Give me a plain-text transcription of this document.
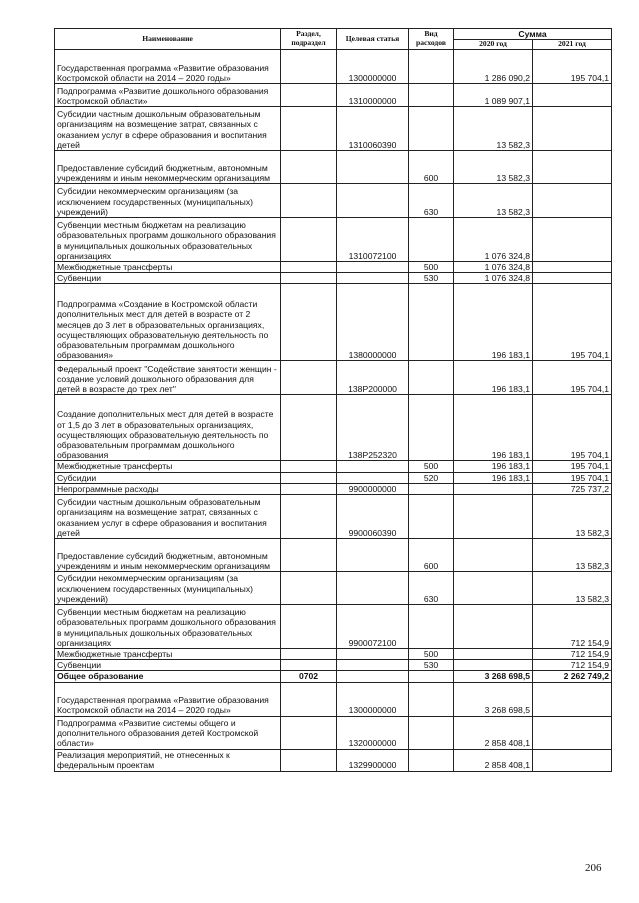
Наименование	Раздел, подраздел	Целевая статья	Вид расходов	Сумма	
				2020 год	2021 год
Государственная программа «Развитие образования Костромской области на 2014 – 2020 годы»		1300000000		1 286 090,2	195 704,1
Подпрограмма «Развитие дошкольного образования Костромской области»		1310000000		1 089 907,1	
Субсидии частным дошкольным образовательным организациям на возмещение затрат, связанных с оказанием услуг в сфере образования и воспитания детей		1310060390		13 582,3	
Предоставление субсидий бюджетным, автономным учреждениям и иным некоммерческим организациям			600	13 582,3	
Субсидии некоммерческим организациям (за исключением государственных (муниципальных) учреждений)			630	13 582,3	
Субвенции местным бюджетам на реализацию образовательных программ дошкольного образования в муниципальных дошкольных образовательных организациях		1310072100		1 076 324,8	
Межбюджетные трансферты			500	1 076 324,8	
Субвенции			530	1 076 324,8	
Подпрограмма «Создание в Костромской области дополнительных мест для детей в возрасте от 2 месяцев до 3 лет в образовательных организациях, осуществляющих образовательную деятельность по образовательным программам дошкольного образования»		1380000000		196 183,1	195 704,1
Федеральный проект "Содействие занятости женщин - создание условий дошкольного образования для детей в возрасте до трех лет"		138P200000		196 183,1	195 704,1
Создание дополнительных мест для детей в возрасте от 1,5 до 3 лет в образовательных организациях, осуществляющих образовательную деятельность по образовательным программам дошкольного образования		138P252320		196 183,1	195 704,1
Межбюджетные трансферты			500	196 183,1	195 704,1
Субсидии			520	196 183,1	195 704,1
Непрограммные расходы		9900000000			725 737,2
Субсидии частным дошкольным образовательным организациям на возмещение затрат, связанных с оказанием услуг в сфере образования и воспитания детей		9900060390			13 582,3
Предоставление субсидий бюджетным, автономным учреждениям и иным некоммерческим организациям			600		13 582,3
Субсидии некоммерческим организациям (за исключением государственных (муниципальных) учреждений)			630		13 582,3
Субвенции местным бюджетам на реализацию образовательных программ дошкольного образования в муниципальных дошкольных образовательных организациях		9900072100			712 154,9
Межбюджетные трансферты			500		712 154,9
Субвенции			530		712 154,9
Общее образование	0702			3 268 698,5	2 262 749,2
Государственная программа «Развитие образования Костромской области на 2014 – 2020 годы»		1300000000		3 268 698,5	
Подпрограмма «Развитие системы общего и дополнительного образования детей Костромской области»		1320000000		2 858 408,1	
Реализация мероприятий, не отнесенных к федеральным проектам		1329900000		2 858 408,1	
206
